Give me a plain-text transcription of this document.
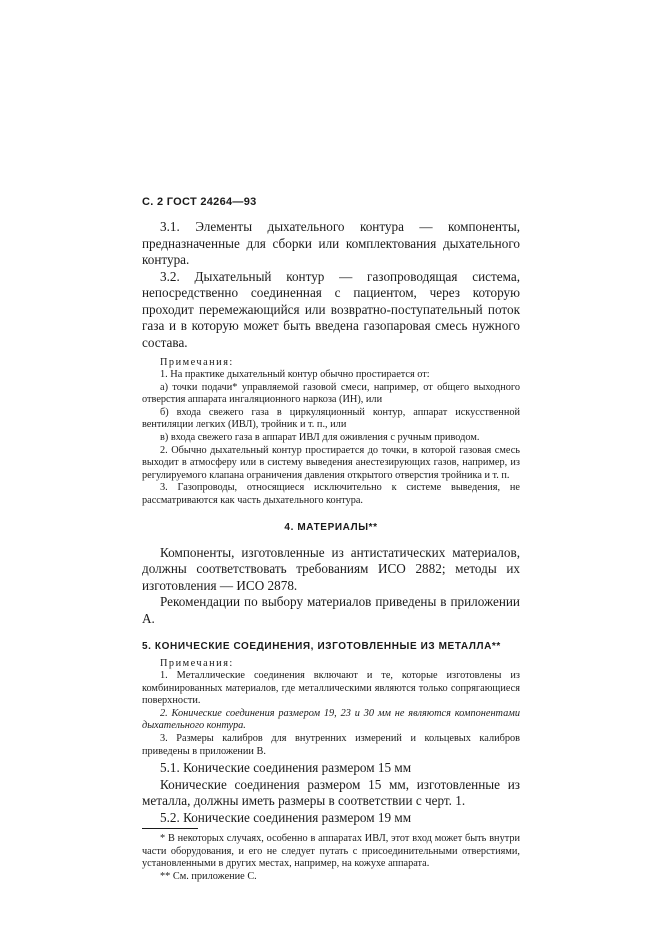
С. 2 ГОСТ 24264—93

3.1. Элементы дыхательного контура — компоненты, предназначенные для сборки или комплектования дыхательного контура.

3.2. Дыхательный контур — газопроводящая система, непосредственно соединенная с пациентом, через которую проходит перемежающийся или возвратно-поступательный поток газа и в которую может быть введена газопаровая смесь нужного состава.

Примечания:

1. На практике дыхательный контур обычно простирается от:

а) точки подачи* управляемой газовой смеси, например, от общего выходного отверстия аппарата ингаляционного наркоза (ИН), или

б) входа свежего газа в циркуляционный контур, аппарат искусственной вентиляции легких (ИВЛ), тройник и т. п., или

в) входа свежего газа в аппарат ИВЛ для оживления с ручным приводом.

2. Обычно дыхательный контур простирается до точки, в которой газовая смесь выходит в атмосферу или в систему выведения анестезирующих газов, например, из регулируемого клапана ограничения давления открытого отверстия тройника и т. п.

3. Газопроводы, относящиеся исключительно к системе выведения, не рассматриваются как часть дыхательного контура.

4. МАТЕРИАЛЫ**

Компоненты, изготовленные из антистатических материалов, должны соответствовать требованиям ИСО 2882; методы их изготовления — ИСО 2878.

Рекомендации по выбору материалов приведены в приложении А.

5. КОНИЧЕСКИЕ СОЕДИНЕНИЯ, ИЗГОТОВЛЕННЫЕ ИЗ МЕТАЛЛА**

Примечания:

1. Металлические соединения включают и те, которые изготовлены из комбинированных материалов, где металлическими являются только сопрягающиеся поверхности.

2. Конические соединения размером 19, 23 и 30 мм не являются компонентами дыхательного контура.

3. Размеры калибров для внутренних измерений и кольцевых калибров приведены в приложении В.

5.1. Конические соединения размером 15 мм

Конические соединения размером 15 мм, изготовленные из металла, должны иметь размеры в соответствии с черт. 1.

5.2. Конические соединения размером 19 мм

* В некоторых случаях, особенно в аппаратах ИВЛ, этот вход может быть внутри части оборудования, и его не следует путать с присоединительными отверстиями, установленными в других местах, например, на кожухе аппарата.

** См. приложение С.
